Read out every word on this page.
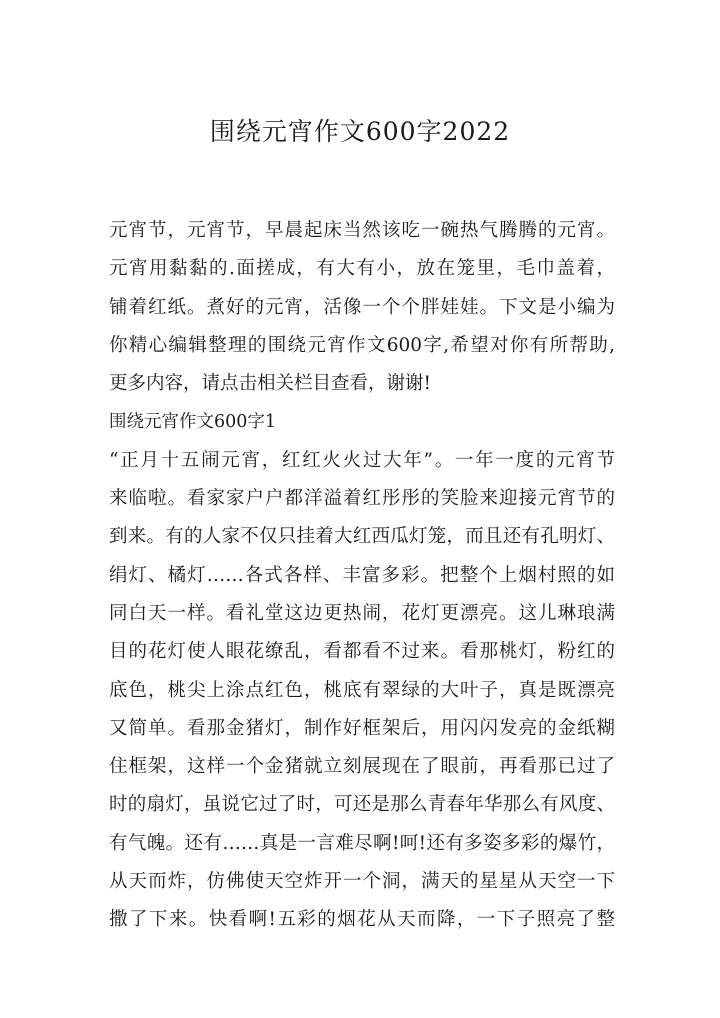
围绕元宵作文600字2022
元宵节，元宵节，早晨起床当然该吃一碗热气腾腾的元宵。
元宵用黏黏的.面搓成，有大有小，放在笼里，毛巾盖着，
铺着红纸。煮好的元宵，活像一个个胖娃娃。下文是小编为
你精心编辑整理的围绕元宵作文600字,希望对你有所帮助,
更多内容，请点击相关栏目查看，谢谢!
围绕元宵作文600字1
“正月十五闹元宵，红红火火过大年”。一年一度的元宵节
来临啦。看家家户户都洋溢着红彤彤的笑脸来迎接元宵节的
到来。有的人家不仅只挂着大红西瓜灯笼，而且还有孔明灯、
绢灯、橘灯……各式各样、丰富多彩。把整个上烟村照的如
同白天一样。看礼堂这边更热闹，花灯更漂亮。这儿琳琅满
目的花灯使人眼花缭乱，看都看不过来。看那桃灯，粉红的
底色，桃尖上涂点红色，桃底有翠绿的大叶子，真是既漂亮
又简单。看那金猪灯，制作好框架后，用闪闪发亮的金纸糊
住框架，这样一个金猪就立刻展现在了眼前，再看那已过了
时的扇灯，虽说它过了时，可还是那么青春年华那么有风度、
有气魄。还有……真是一言难尽啊!呵!还有多姿多彩的爆竹，
从天而炸，仿佛使天空炸开一个洞，满天的星星从天空一下
撒了下来。快看啊!五彩的烟花从天而降，一下子照亮了整
